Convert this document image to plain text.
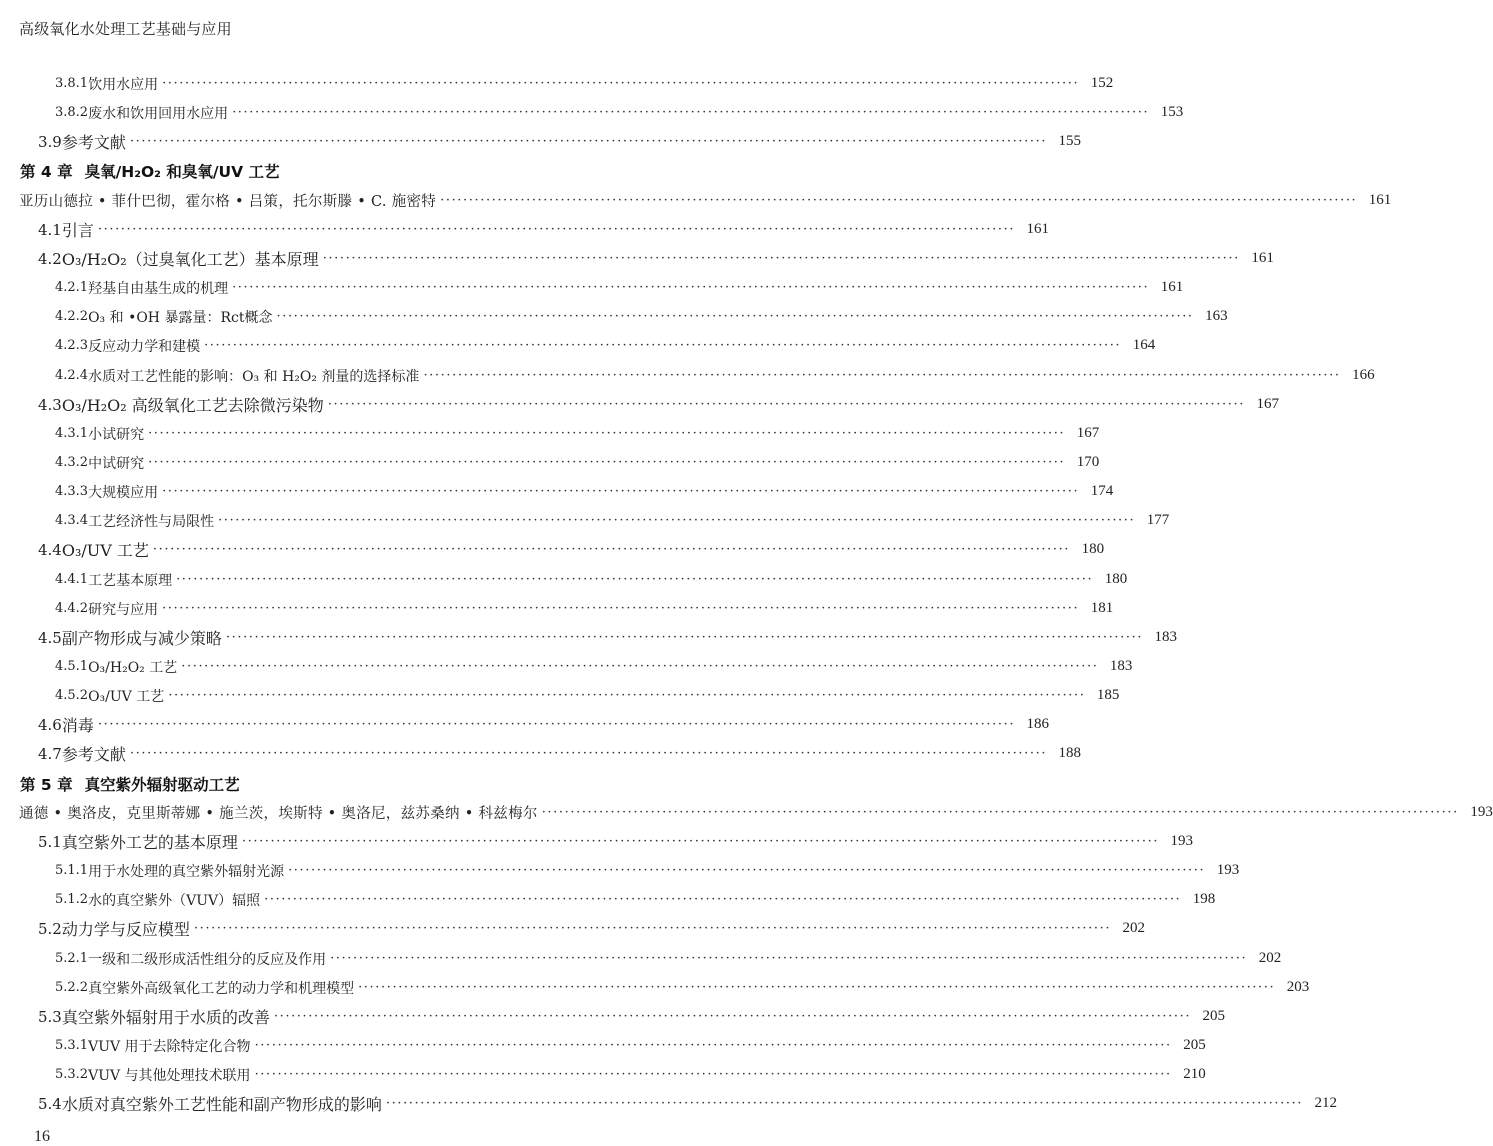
高级氧化水处理工艺基础与应用
3.8.1 饮用水应用 ································································································································································ 152
3.8.2 废水和饮用回用水应用 ································································································································································ 153
3.9 参考文献 ································································································································································ 155
第 4 章 臭氧/H₂O₂ 和臭氧/UV 工艺
亚历山德拉 • 菲什巴彻，霍尔格 • 吕策，托尔斯滕 • C. 施密特 ································································································································································ 161
4.1 引言 ································································································································································ 161
4.2 O₃/H₂O₂（过臭氧化工艺）基本原理 ································································································································································ 161
4.2.1 羟基自由基生成的机理 ································································································································································ 161
4.2.2 O₃ 和 •OH 暴露量：Rct概念 ································································································································································ 163
4.2.3 反应动力学和建模 ································································································································································ 164
4.2.4 水质对工艺性能的影响：O₃ 和 H₂O₂ 剂量的选择标准 ································································································································································ 166
4.3 O₃/H₂O₂ 高级氧化工艺去除微污染物 ································································································································································ 167
4.3.1 小试研究 ································································································································································ 167
4.3.2 中试研究 ································································································································································ 170
4.3.3 大规模应用 ································································································································································ 174
4.3.4 工艺经济性与局限性 ································································································································································ 177
4.4 O₃/UV 工艺 ································································································································································ 180
4.4.1 工艺基本原理 ································································································································································ 180
4.4.2 研究与应用 ································································································································································ 181
4.5 副产物形成与减少策略 ································································································································································ 183
4.5.1 O₃/H₂O₂ 工艺 ································································································································································ 183
4.5.2 O₃/UV 工艺 ································································································································································ 185
4.6 消毒 ································································································································································ 186
4.7 参考文献 ································································································································································ 188
第 5 章 真空紫外辐射驱动工艺
通德 • 奥洛皮，克里斯蒂娜 • 施兰茨，埃斯特 • 奥洛尼，兹苏桑纳 • 科兹梅尔 ································································································································································ 193
5.1 真空紫外工艺的基本原理 ································································································································································ 193
5.1.1 用于水处理的真空紫外辐射光源 ································································································································································ 193
5.1.2 水的真空紫外（VUV）辐照 ································································································································································ 198
5.2 动力学与反应模型 ································································································································································ 202
5.2.1 一级和二级形成活性组分的反应及作用 ································································································································································ 202
5.2.2 真空紫外高级氧化工艺的动力学和机理模型 ································································································································································ 203
5.3 真空紫外辐射用于水质的改善 ································································································································································ 205
5.3.1 VUV 用于去除特定化合物 ································································································································································ 205
5.3.2 VUV 与其他处理技术联用 ································································································································································ 210
5.4 水质对真空紫外工艺性能和副产物形成的影响 ································································································································································ 212
16
